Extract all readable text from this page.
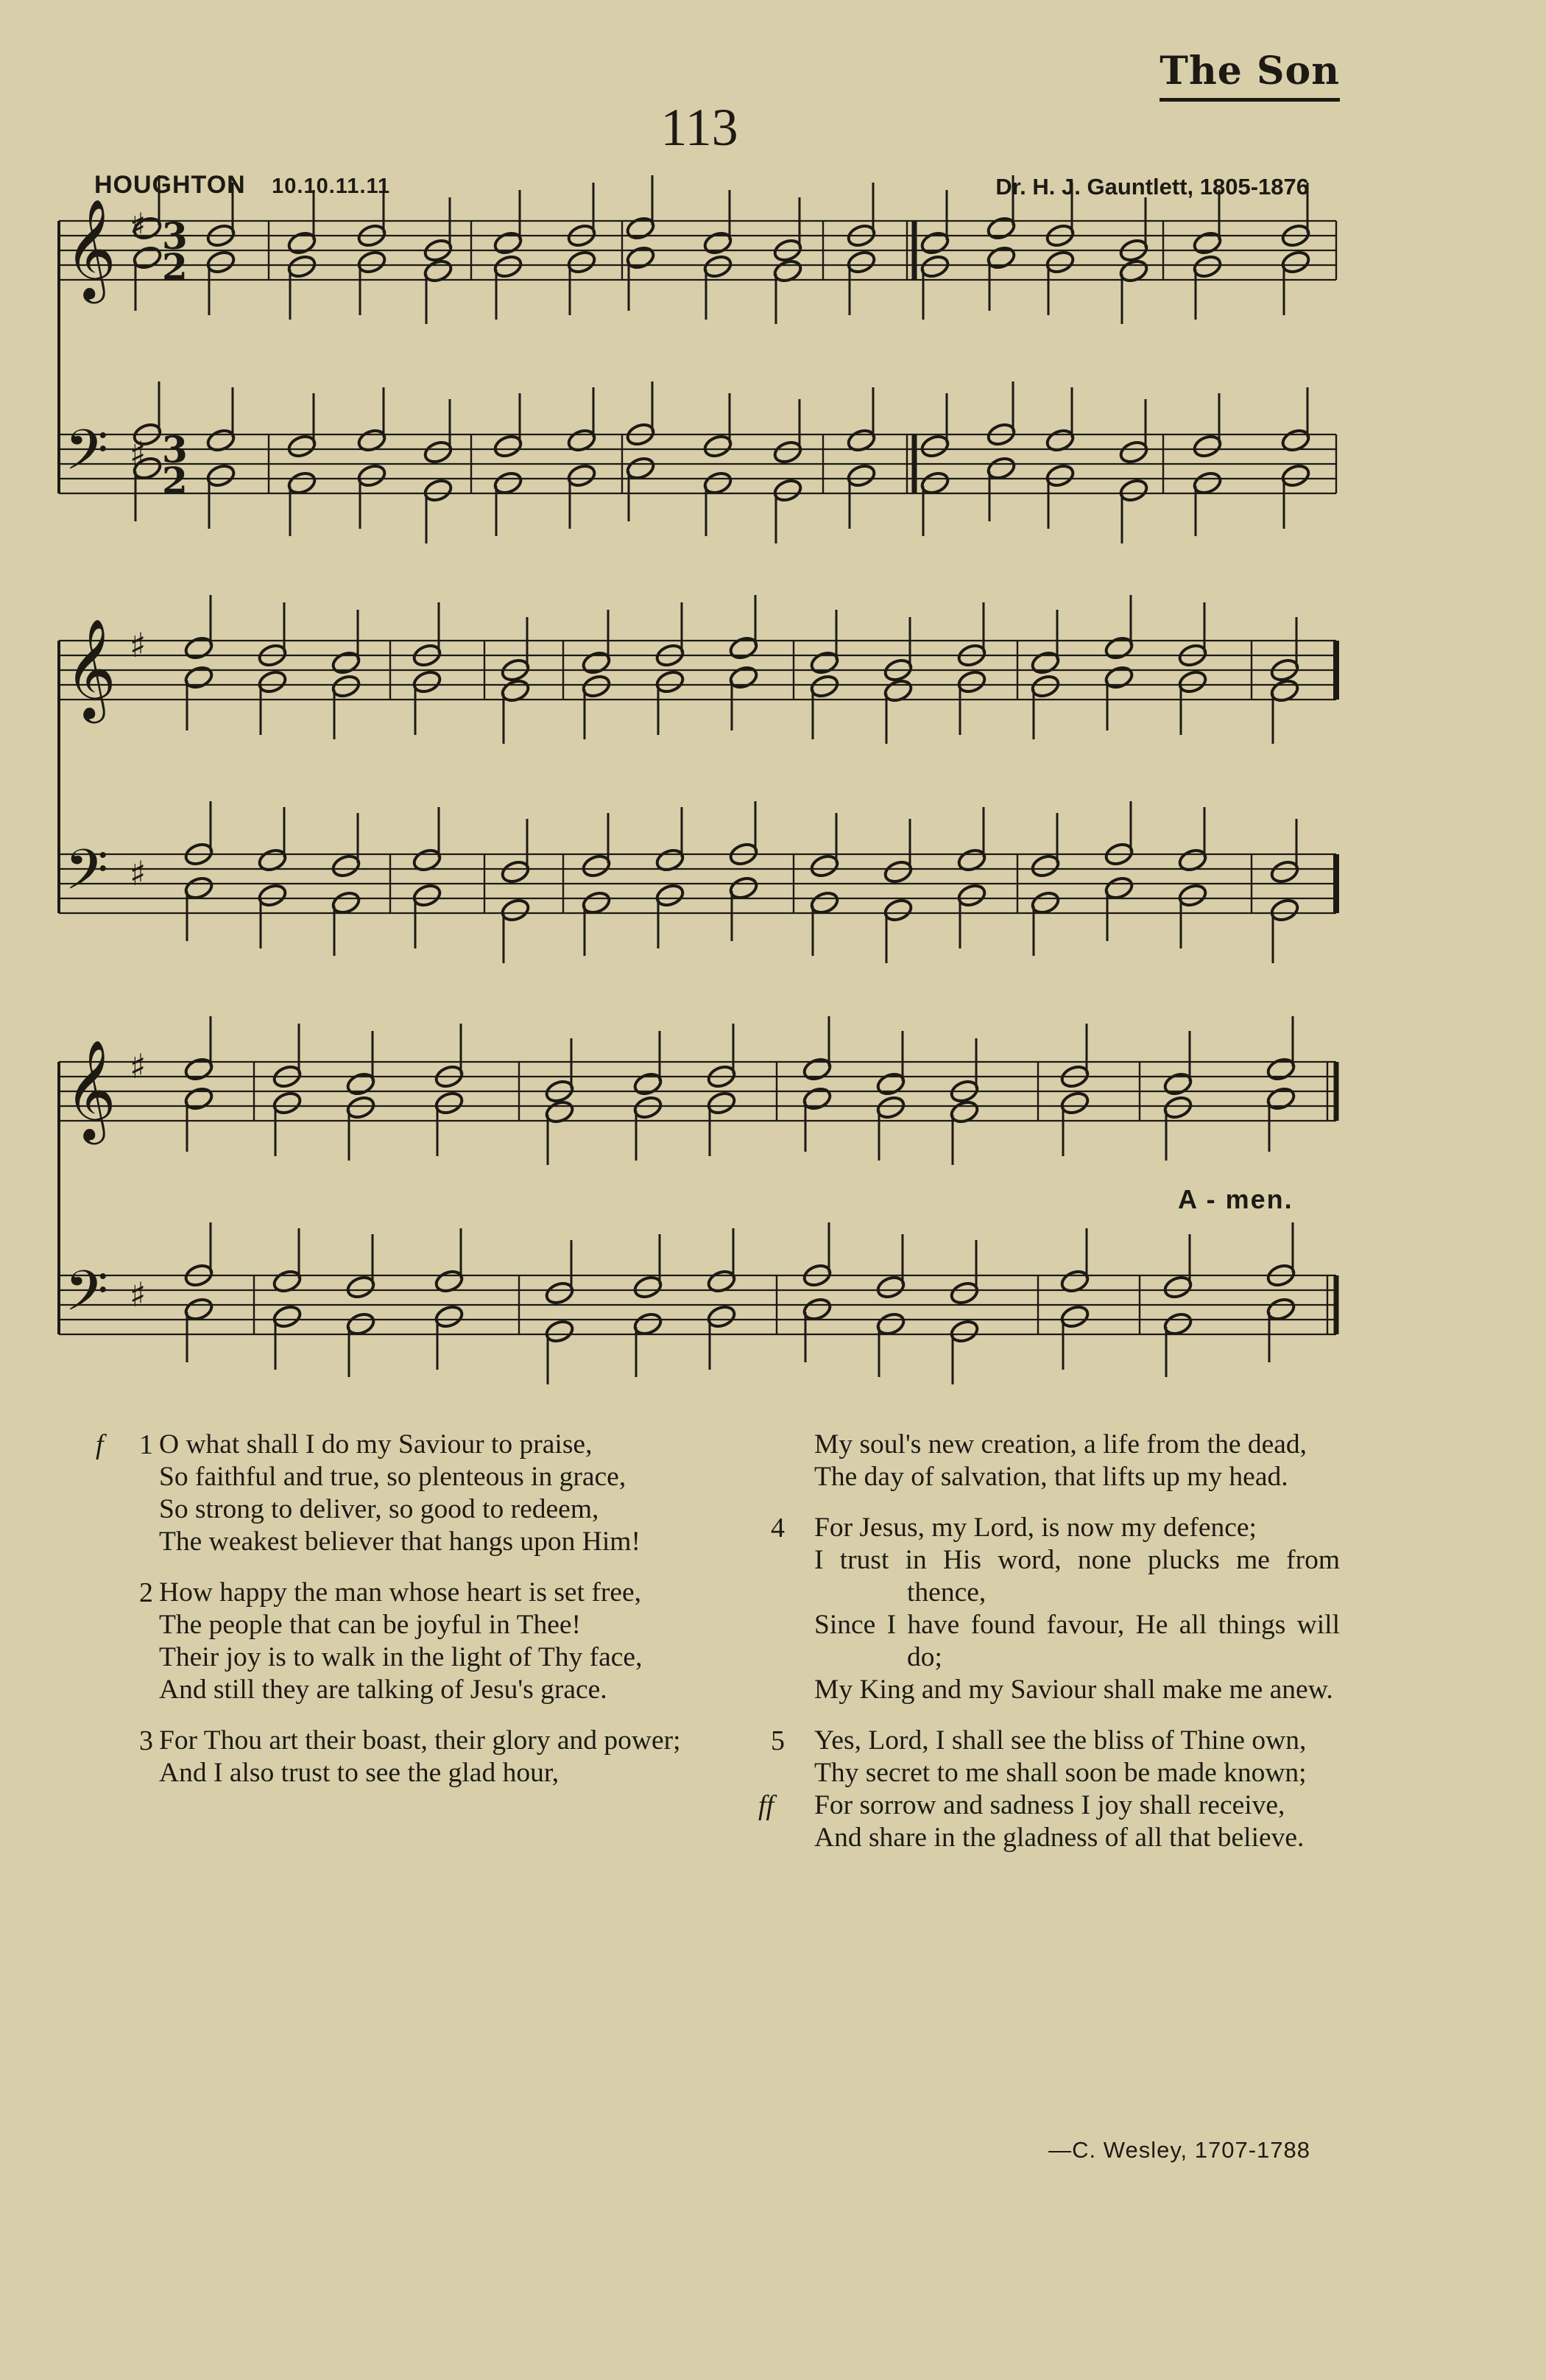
The Son
113
HOUGHTON 10.10.11.11	Dr. H. J. Gauntlett, 1805-1876
𝄞 ♯ 3
2
𝄢 ♯ 3
2
𝄞 ♯
𝄢 ♯
𝄞 ♯
𝄢 ♯
A - men.
f	1 O what shall I do my Saviour to praise,
So faithful and true, so plenteous in grace,
So strong to deliver, so good to redeem,
The weakest believer that hangs upon Him!
2 How happy the man whose heart is set free,
The people that can be joyful in Thee!
Their joy is to walk in the light of Thy face,
And still they are talking of Jesu's grace.
3 For Thou art their boast, their glory and power;
And I also trust to see the glad hour,
My soul's new creation, a life from the dead,
The day of salvation, that lifts up my head.
4 For Jesus, my Lord, is now my defence;
I trust in His word, none plucks me from thence,
Since I have found favour, He all things will do;
My King and my Saviour shall make me anew.
5 Yes, Lord, I shall see the bliss of Thine own,
Thy secret to me shall soon be made known;
ff For sorrow and sadness I joy shall receive,
And share in the gladness of all that believe.
—C. Wesley, 1707-1788
